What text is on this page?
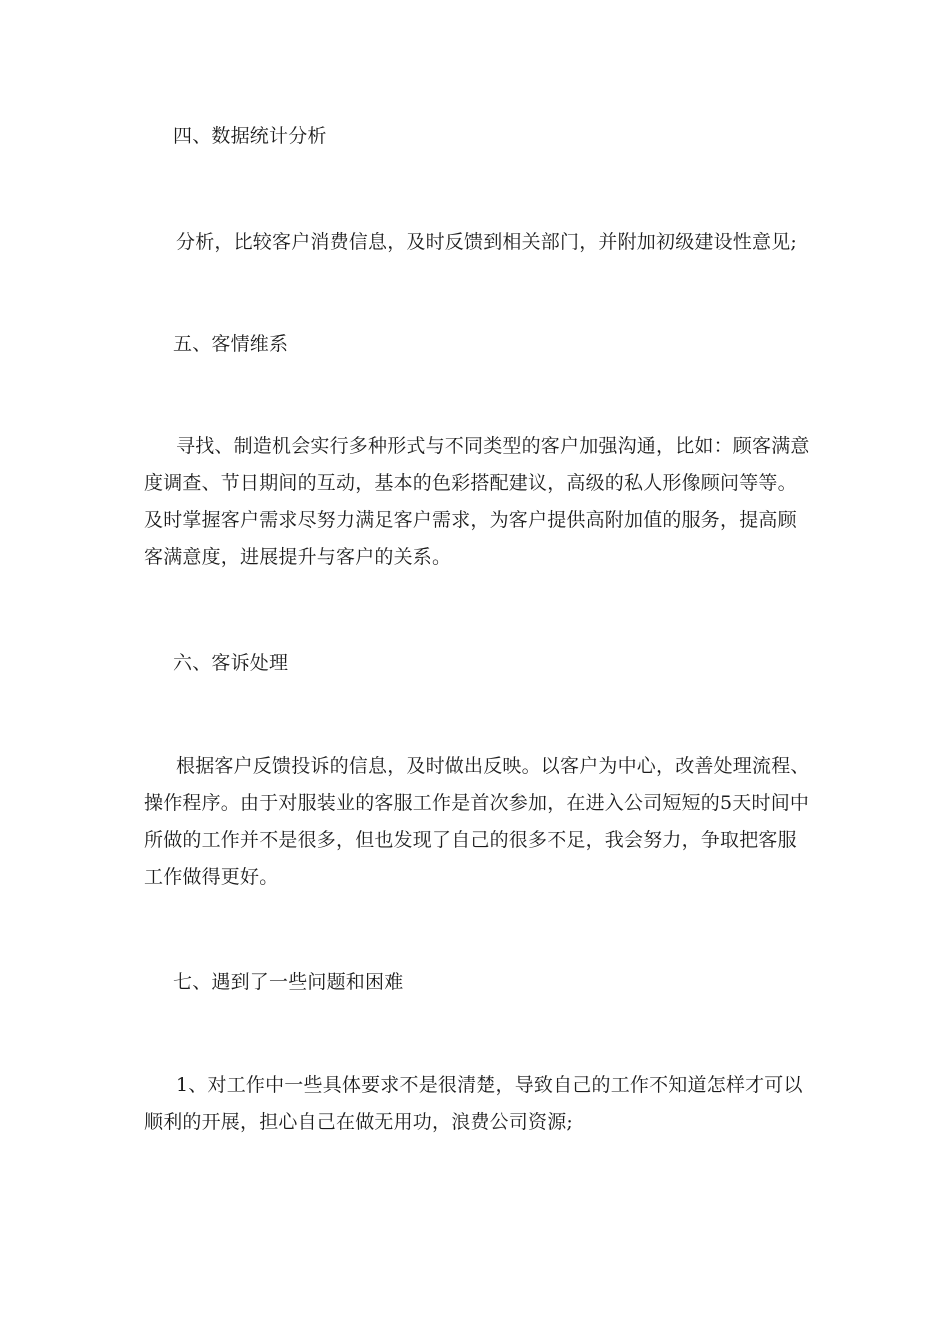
四、数据统计分析

分析，比较客户消费信息，及时反馈到相关部门，并附加初级建设性意见;

五、客情维系

寻找、制造机会实行多种形式与不同类型的客户加强沟通，比如：顾客满意度调查、节日期间的互动，基本的色彩搭配建议，高级的私人形像顾问等等。及时掌握客户需求尽努力满足客户需求，为客户提供高附加值的服务，提高顾客满意度，进展提升与客户的关系。

六、客诉处理

根据客户反馈投诉的信息，及时做出反映。以客户为中心，改善处理流程、操作程序。由于对服装业的客服工作是首次参加，在进入公司短短的5天时间中所做的工作并不是很多，但也发现了自己的很多不足，我会努力，争取把客服工作做得更好。

七、遇到了一些问题和困难

1、对工作中一些具体要求不是很清楚，导致自己的工作不知道怎样才可以顺利的开展，担心自己在做无用功，浪费公司资源;
